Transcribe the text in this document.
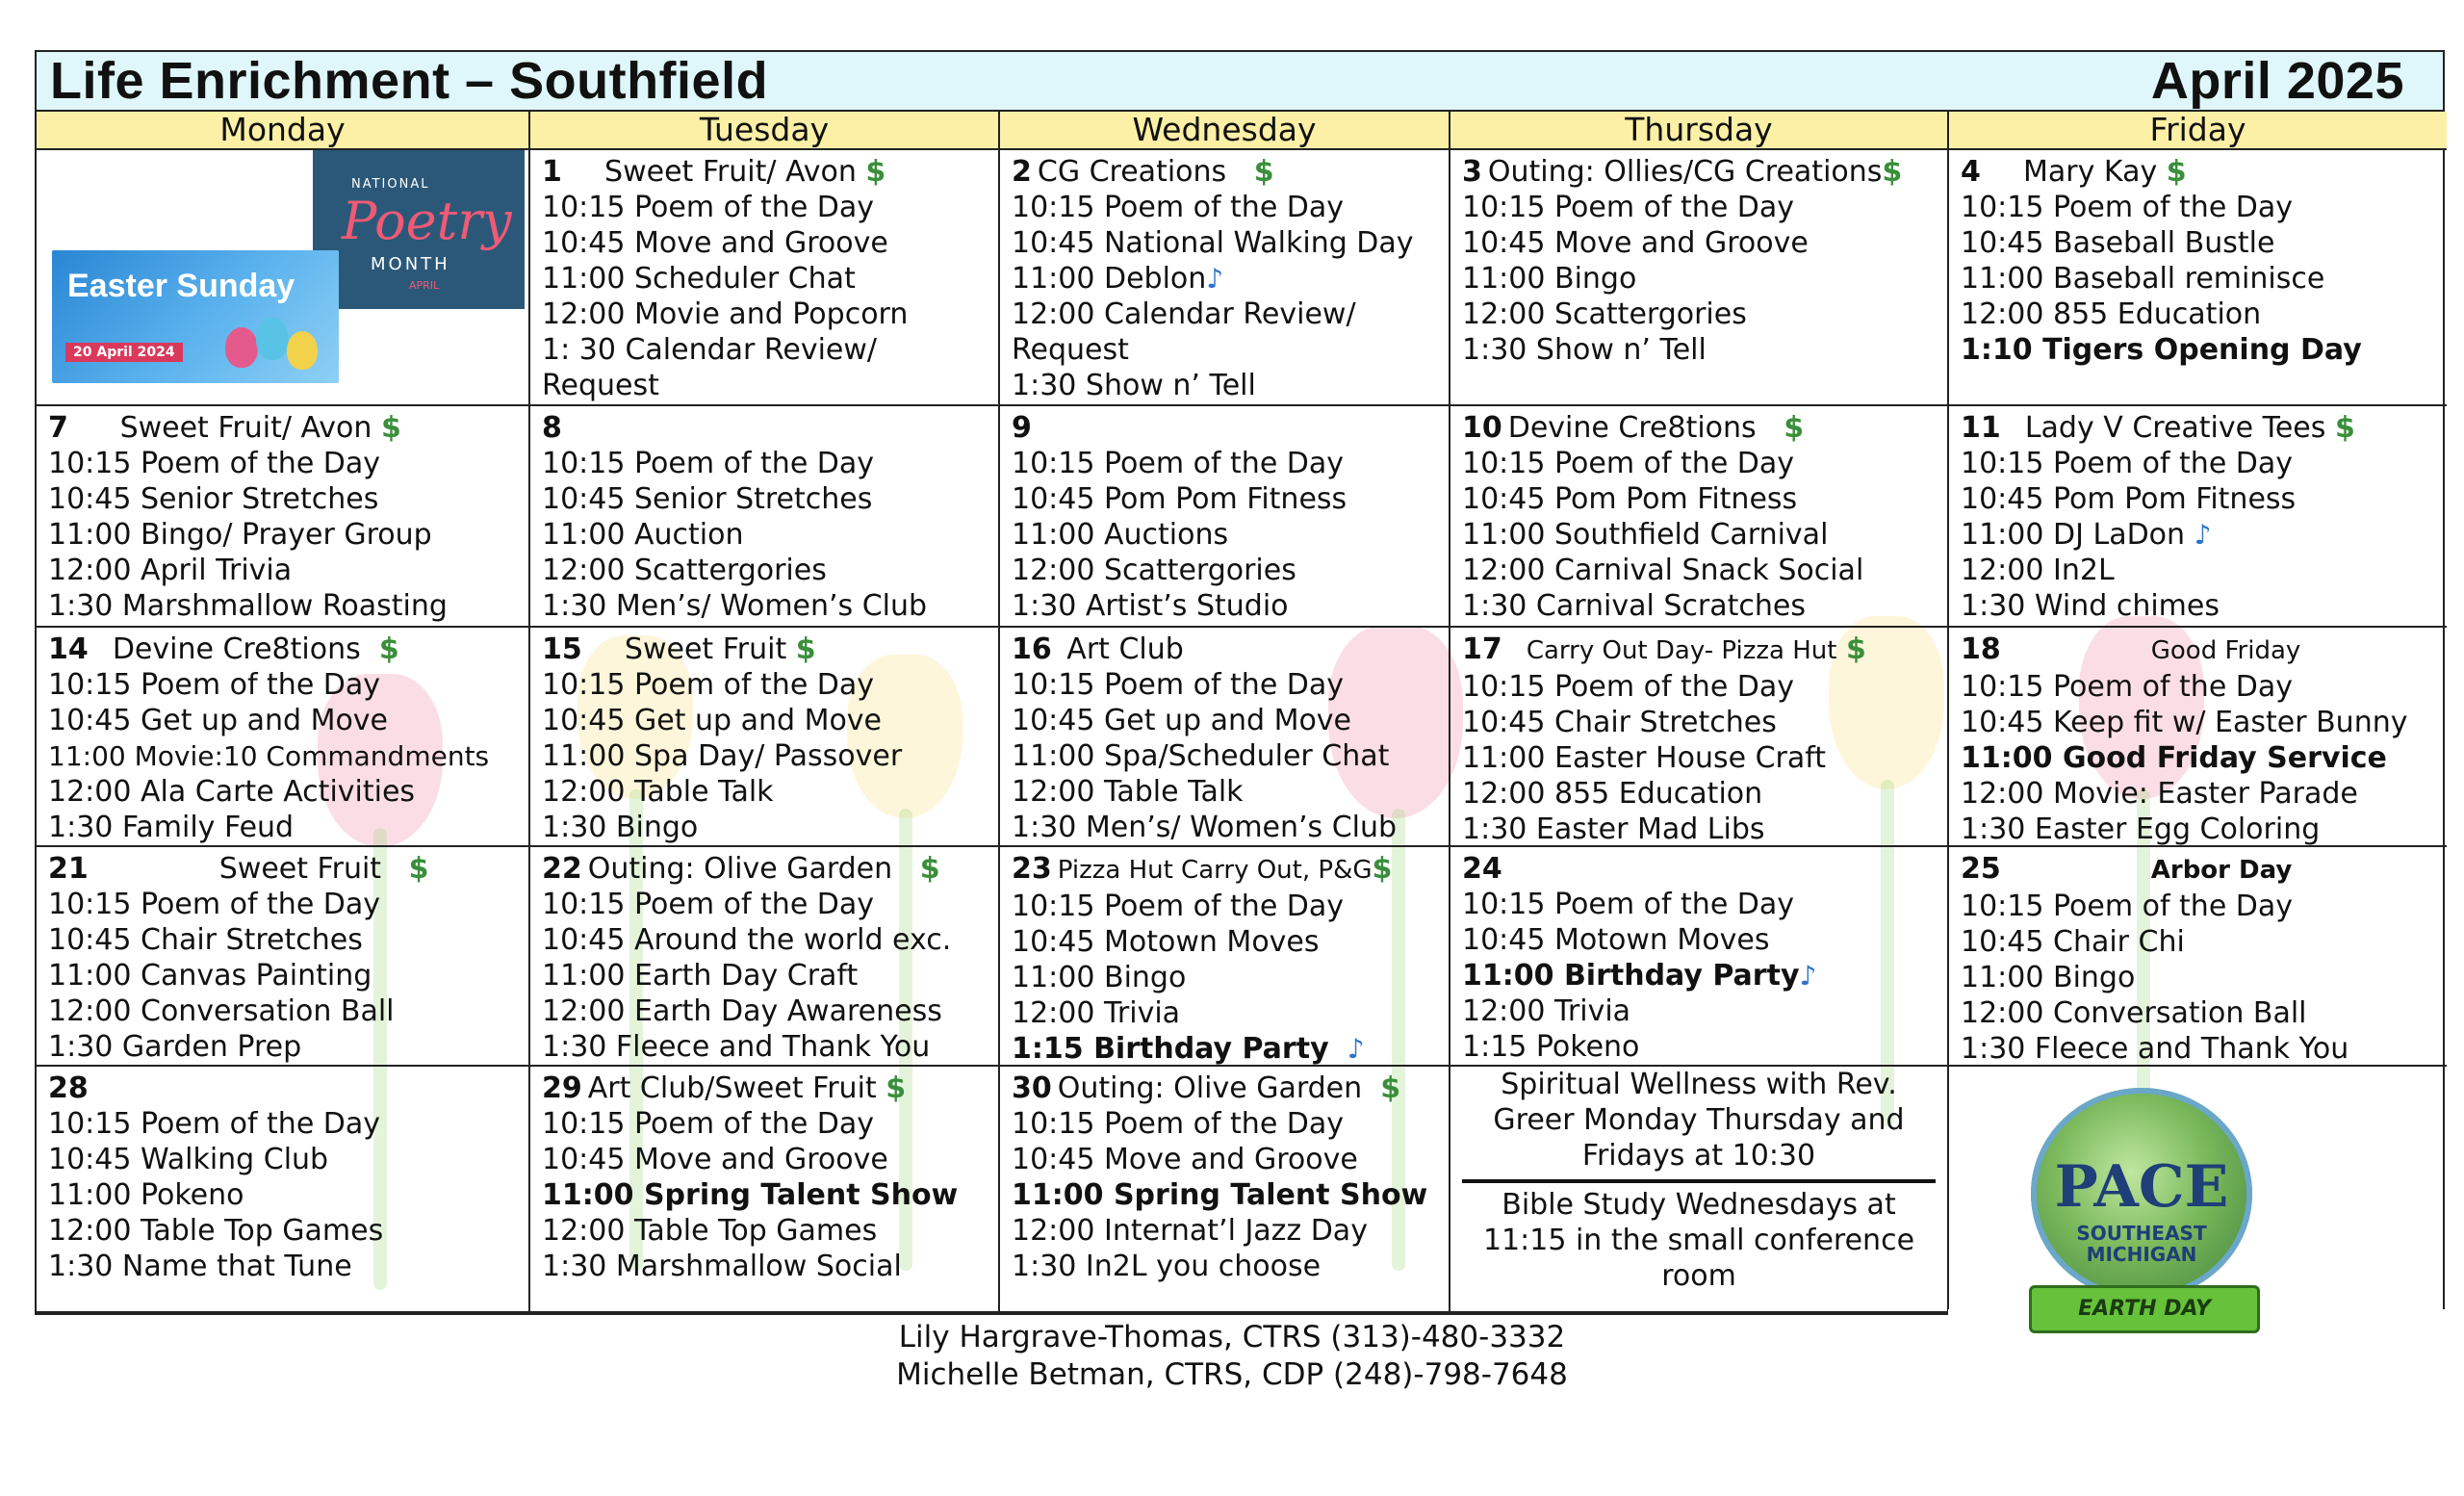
Life Enrichment – Southfield	April 2025
Monday	Tuesday	Wednesday	Thursday	Friday
NATIONAL
Poetry
MONTH
APRIL
Easter Sunday
20 April 2024
1 Sweet Fruit/ Avon $
10:15 Poem of the Day
10:45 Move and Groove
11:00 Scheduler Chat
12:00 Movie and Popcorn
1: 30 Calendar Review/
Request
2 CG Creations $
10:15 Poem of the Day
10:45 National Walking Day
11:00 Deblon♪
12:00 Calendar Review/
Request
1:30 Show n’ Tell
3 Outing: Ollies/CG Creations$
10:15 Poem of the Day
10:45 Move and Groove
11:00 Bingo
12:00 Scattergories
1:30 Show n’ Tell
4 Mary Kay $
10:15 Poem of the Day
10:45 Baseball Bustle
11:00 Baseball reminisce
12:00 855 Education
1:10 Tigers Opening Day
7 Sweet Fruit/ Avon $
10:15 Poem of the Day
10:45 Senior Stretches
11:00 Bingo/ Prayer Group
12:00 April Trivia
1:30 Marshmallow Roasting
8
10:15 Poem of the Day
10:45 Senior Stretches
11:00 Auction
12:00 Scattergories
1:30 Men’s/ Women’s Club
9
10:15 Poem of the Day
10:45 Pom Pom Fitness
11:00 Auctions
12:00 Scattergories
1:30 Artist’s Studio
10 Devine Cre8tions $
10:15 Poem of the Day
10:45 Pom Pom Fitness
11:00 Southfield Carnival
12:00 Carnival Snack Social
1:30 Carnival Scratches
11 Lady V Creative Tees $
10:15 Poem of the Day
10:45 Pom Pom Fitness
11:00 DJ LaDon ♪
12:00 In2L
1:30 Wind chimes
14 Devine Cre8tions $
10:15 Poem of the Day
10:45 Get up and Move
11:00 Movie:10 Commandments
12:00 Ala Carte Activities
1:30 Family Feud
15 Sweet Fruit $
10:15 Poem of the Day
10:45 Get up and Move
11:00 Spa Day/ Passover
12:00 Table Talk
1:30 Bingo
16 Art Club
10:15 Poem of the Day
10:45 Get up and Move
11:00 Spa/Scheduler Chat
12:00 Table Talk
1:30 Men’s/ Women’s Club
17 Carry Out Day- Pizza Hut $
10:15 Poem of the Day
10:45 Chair Stretches
11:00 Easter House Craft
12:00 855 Education
1:30 Easter Mad Libs
18	Good Friday
10:15 Poem of the Day
10:45 Keep fit w/ Easter Bunny
11:00 Good Friday Service
12:00 Movie: Easter Parade
1:30 Easter Egg Coloring
21	Sweet Fruit $
10:15 Poem of the Day
10:45 Chair Stretches
11:00 Canvas Painting
12:00 Conversation Ball
1:30 Garden Prep
22 Outing: Olive Garden $
10:15 Poem of the Day
10:45 Around the world exc.
11:00 Earth Day Craft
12:00 Earth Day Awareness
1:30 Fleece and Thank You
23 Pizza Hut Carry Out, P&G$
10:15 Poem of the Day
10:45 Motown Moves
11:00 Bingo
12:00 Trivia
1:15 Birthday Party ♪
24
10:15 Poem of the Day
10:45 Motown Moves
11:00 Birthday Party♪
12:00 Trivia
1:15 Pokeno
25	Arbor Day
10:15 Poem of the Day
10:45 Chair Chi
11:00 Bingo
12:00 Conversation Ball
1:30 Fleece and Thank You
28
10:15 Poem of the Day
10:45 Walking Club
11:00 Pokeno
12:00 Table Top Games
1:30 Name that Tune
29 Art Club/Sweet Fruit $
10:15 Poem of the Day
10:45 Move and Groove
11:00 Spring Talent Show
12:00 Table Top Games
1:30 Marshmallow Social
30 Outing: Olive Garden $
10:15 Poem of the Day
10:45 Move and Groove
11:00 Spring Talent Show
12:00 Internat’l Jazz Day
1:30 In2L you choose
Spiritual Wellness with Rev. Greer Monday Thursday and Fridays at 10:30
Bible Study Wednesdays at 11:15 in the small conference room
PACE
SOUTHEAST
MICHIGAN
EARTH DAY
Lily Hargrave-Thomas, CTRS (313)-480-3332
Michelle Betman, CTRS, CDP (248)-798-7648
